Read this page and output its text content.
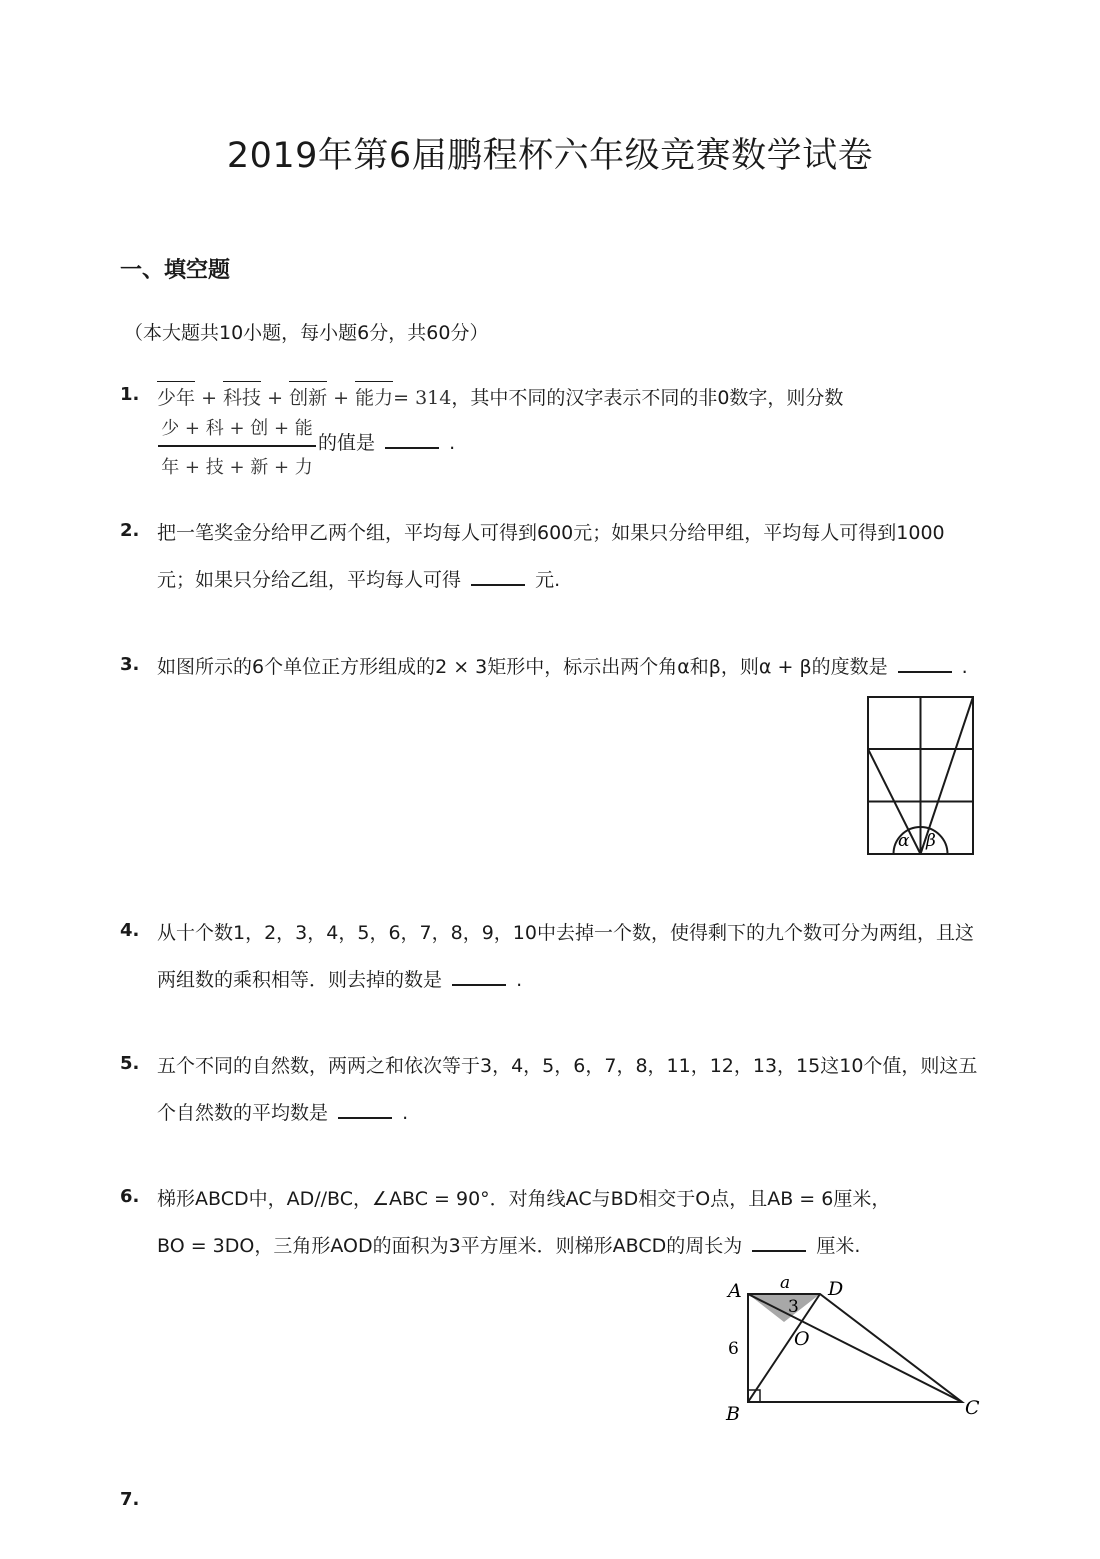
2019年第6届鹏程杯六年级竞赛数学试卷
一、填空题
（本大题共10小题，每小题6分，共60分）
1. 少年 + 科技 + 创新 + 能力= 314，其中不同的汉字表示不同的非0数字，则分数
少 + 科 + 创 + 能
年 + 技 + 新 + 力
的值是	.
2. 把一笔奖金分给甲乙两个组，平均每人可得到600元；如果只分给甲组，平均每人可得到1000
元；如果只分给乙组，平均每人可得	元.
3. 如图所示的6个单位正方形组成的2 × 3矩形中，标示出两个角α和β，则α + β的度数是	.
α β
4. 从十个数1，2，3，4，5，6，7，8，9，10中去掉一个数，使得剩下的九个数可分为两组，且这
两组数的乘积相等．则去掉的数是	.
5. 五个不同的自然数，两两之和依次等于3，4，5，6，7，8，11，12，13，15这10个值，则这五
个自然数的平均数是	.
6. 梯形ABCD中，AD//BC，∠ABC = 90°．对角线AC与BD相交于O点，且AB = 6厘米，
BO = 3DO，三角形AOD的面积为3平方厘米．则梯形ABCD的周长为	厘米.
A a D
3
O
6
B	C
7.
